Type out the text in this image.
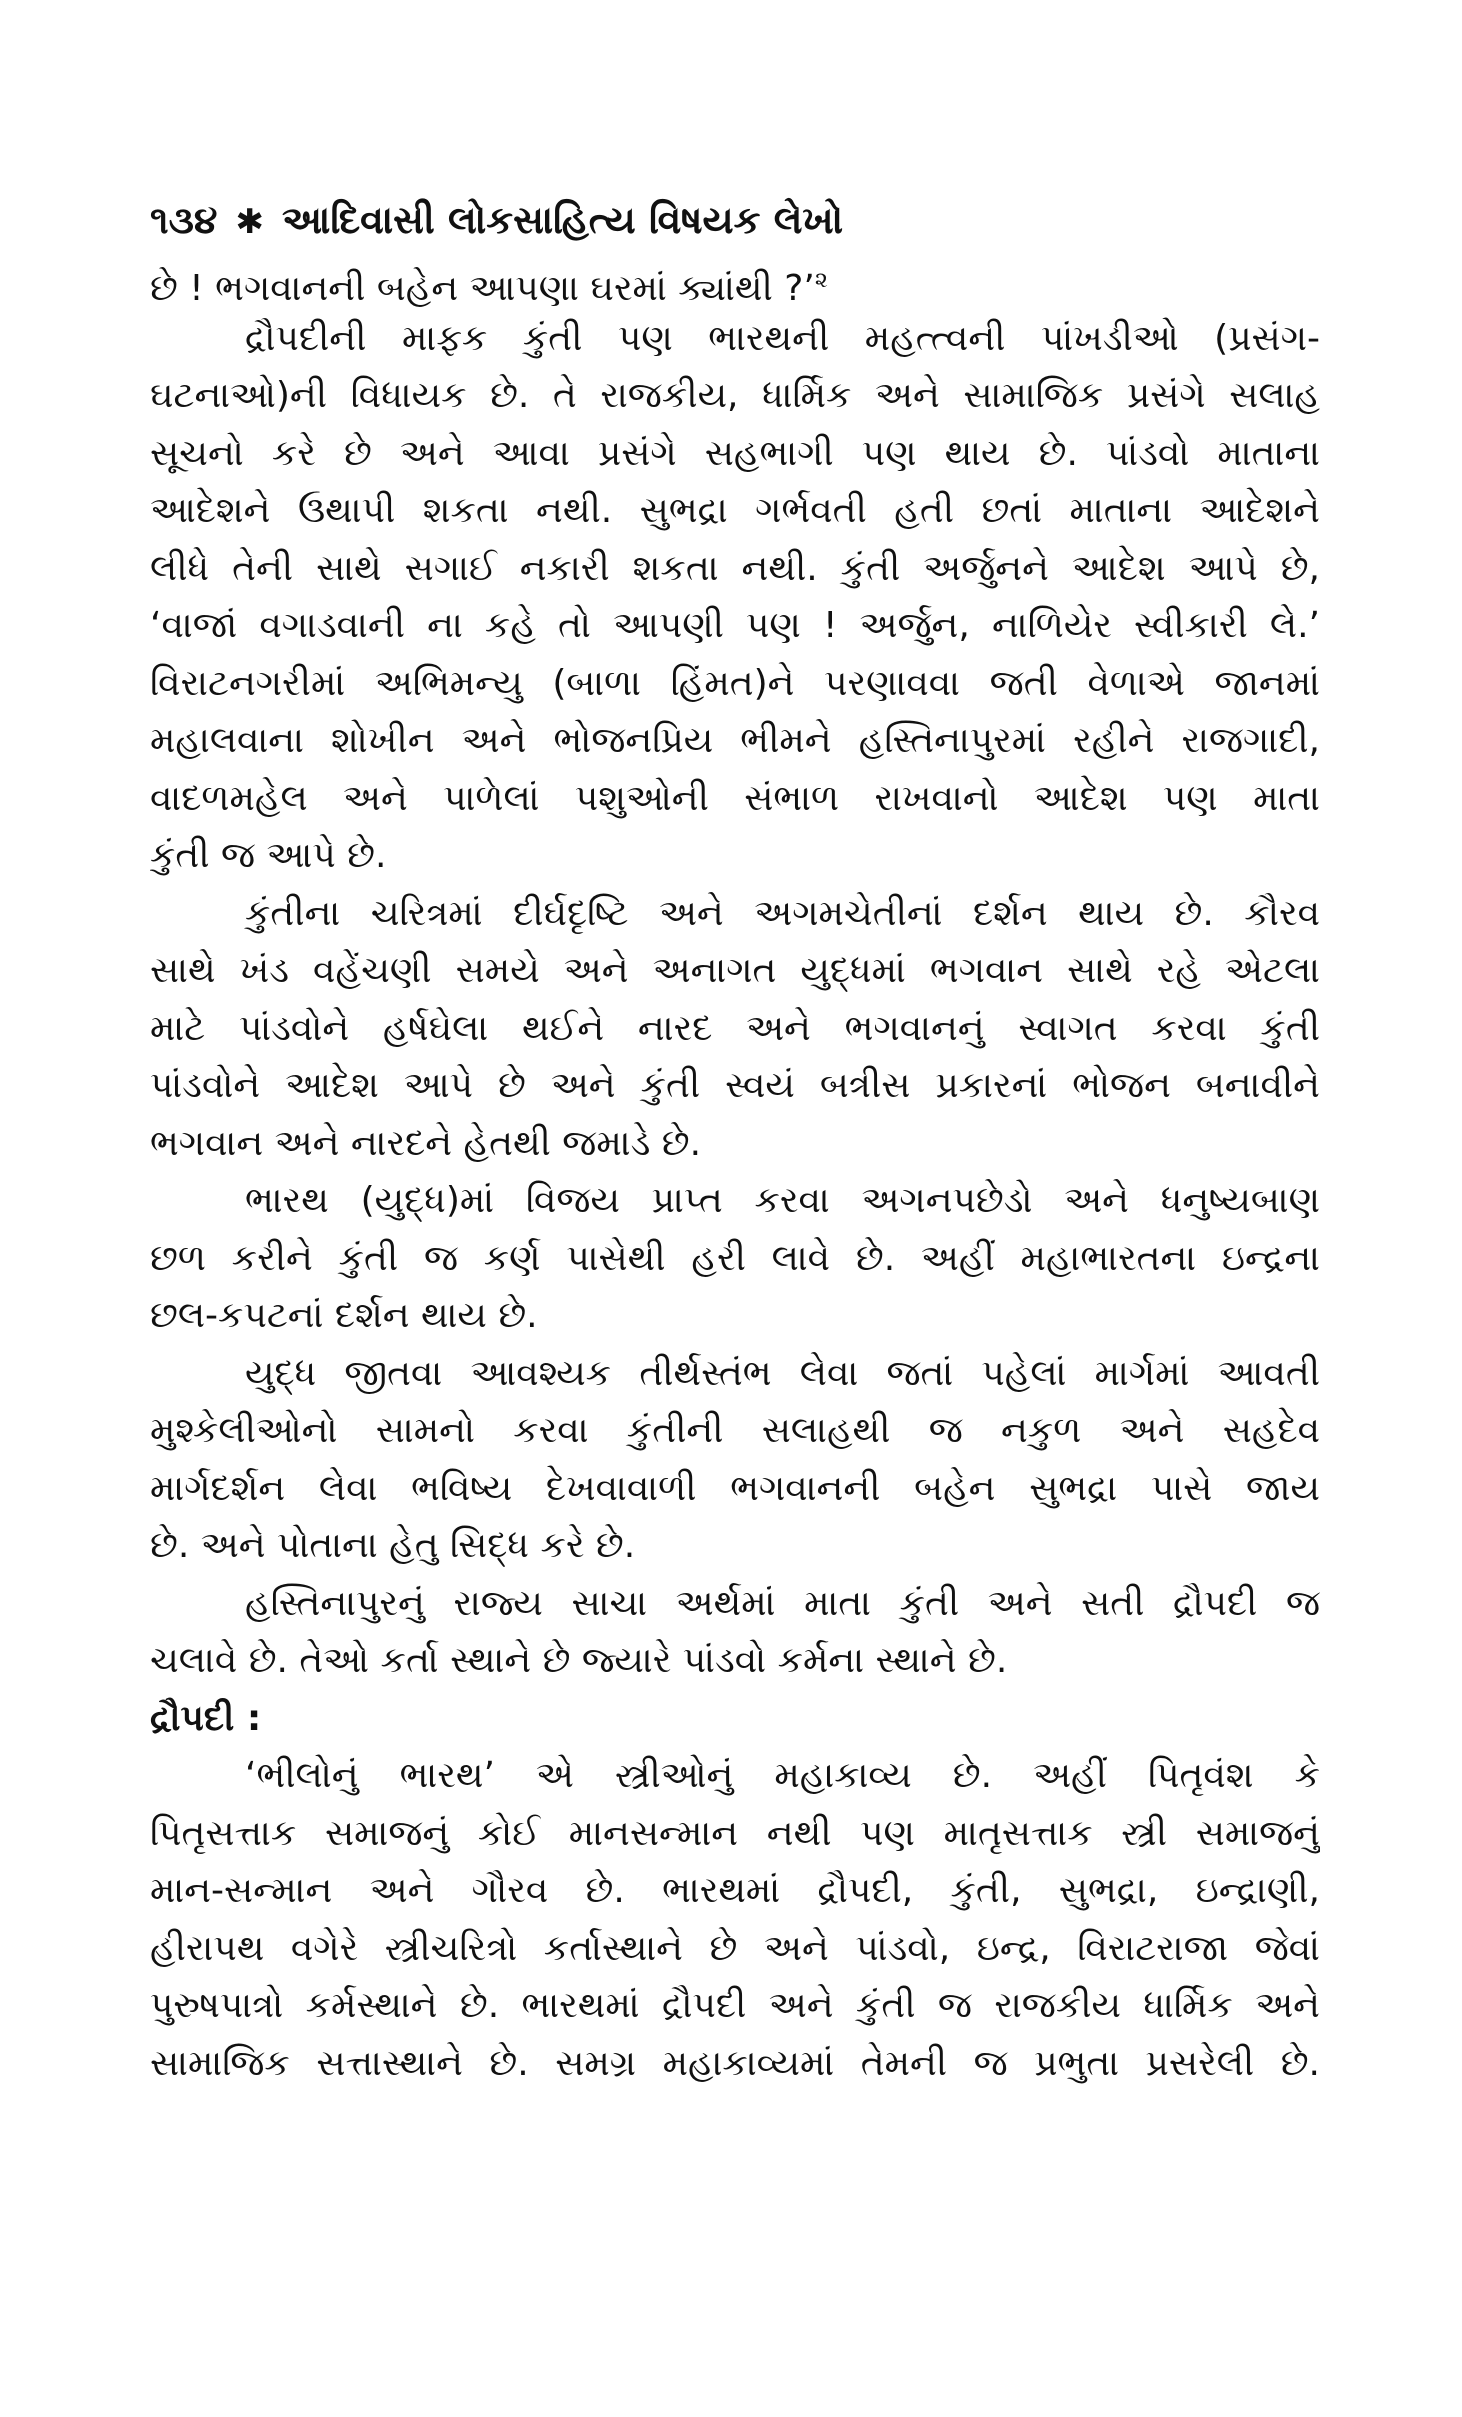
૧૩૪ ✱ આદિવાસી લોકસાહિત્ય વિષયક લેખો
છે ! ભગવાનની બહેન આપણા ઘરમાં ક્યાંથી ?’$^૨$
દ્રૌપદીની માફક કુંતી પણ ભારથની મહત્ત્વની પાંખડીઓ (પ્રસંગ-
ઘટનાઓ)ની વિધાયક છે. તે રાજકીય, ધાર્મિક અને સામાજિક પ્રસંગે સલાહ
સૂચનો કરે છે અને આવા પ્રસંગે સહભાગી પણ થાય છે. પાંડવો માતાના
આદેશને ઉથાપી શકતા નથી. સુભદ્રા ગર્ભવતી હતી છતાં માતાના આદેશને
લીધે તેની સાથે સગાઈ નકારી શકતા નથી. કુંતી અર્જુનને આદેશ આપે છે,
‘વાજાં વગાડવાની ના કહે તો આપણી પણ ! અર્જુન, નાળિયેર સ્વીકારી લે.’
વિરાટનગરીમાં અભિમન્યુ (બાળા હિંમત)ને પરણાવવા જતી વેળાએ જાનમાં
મહાલવાના શોખીન અને ભોજનપ્રિય ભીમને હસ્તિનાપુરમાં રહીને રાજગાદી,
વાદળમહેલ અને પાળેલાં પશુઓની સંભાળ રાખવાનો આદેશ પણ માતા
કુંતી જ આપે છે.
કુંતીના ચરિત્રમાં દીર્ઘદૃષ્ટિ અને અગમચેતીનાં દર્શન થાય છે. કૌરવ
સાથે ખંડ વહેંચણી સમયે અને અનાગત યુદ્ધમાં ભગવાન સાથે રહે એટલા
માટે પાંડવોને હર્ષઘેલા થઈને નારદ અને ભગવાનનું સ્વાગત કરવા કુંતી
પાંડવોને આદેશ આપે છે અને કુંતી સ્વયં બત્રીસ પ્રકારનાં ભોજન બનાવીને
ભગવાન અને નારદને હેતથી જમાડે છે.
ભારથ (યુદ્ધ)માં વિજય પ્રાપ્ત કરવા અગનપછેડો અને ધનુષ્યબાણ
છળ કરીને કુંતી જ કર્ણ પાસેથી હરી લાવે છે. અહીં મહાભારતના ઇન્દ્રના
છલ-કપટનાં દર્શન થાય છે.
યુદ્ધ જીતવા આવશ્યક તીર્થસ્તંભ લેવા જતાં પહેલાં માર્ગમાં આવતી
મુશ્કેલીઓનો સામનો કરવા કુંતીની સલાહથી જ નકુળ અને સહદેવ
માર્ગદર્શન લેવા ભવિષ્ય દેખવાવાળી ભગવાનની બહેન સુભદ્રા પાસે જાય
છે. અને પોતાના હેતુ સિદ્ધ કરે છે.
હસ્તિનાપુરનું રાજ્ય સાચા અર્થમાં માતા કુંતી અને સતી દ્રૌપદી જ
ચલાવે છે. તેઓ કર્તા સ્થાને છે જ્યારે પાંડવો કર્મના સ્થાને છે.
દ્રૌપદી :
‘ભીલોનું ભારથ’ એ સ્ત્રીઓનું મહાકાવ્ય છે. અહીં પિતૃવંશ કે
પિતૃસત્તાક સમાજનું કોઈ માનસન્માન નથી પણ માતૃસત્તાક સ્ત્રી સમાજનું
માન-સન્માન અને ગૌરવ છે. ભારથમાં દ્રૌપદી, કુંતી, સુભદ્રા, ઇન્દ્રાણી,
હીરાપથ વગેરે સ્ત્રીચરિત્રો કર્તાસ્થાને છે અને પાંડવો, ઇન્દ્ર, વિરાટરાજા જેવાં
પુરુષપાત્રો કર્મસ્થાને છે. ભારથમાં દ્રૌપદી અને કુંતી જ રાજકીય ધાર્મિક અને
સામાજિક સત્તાસ્થાને છે. સમગ્ર મહાકાવ્યમાં તેમની જ પ્રભુતા પ્રસરેલી છે.
